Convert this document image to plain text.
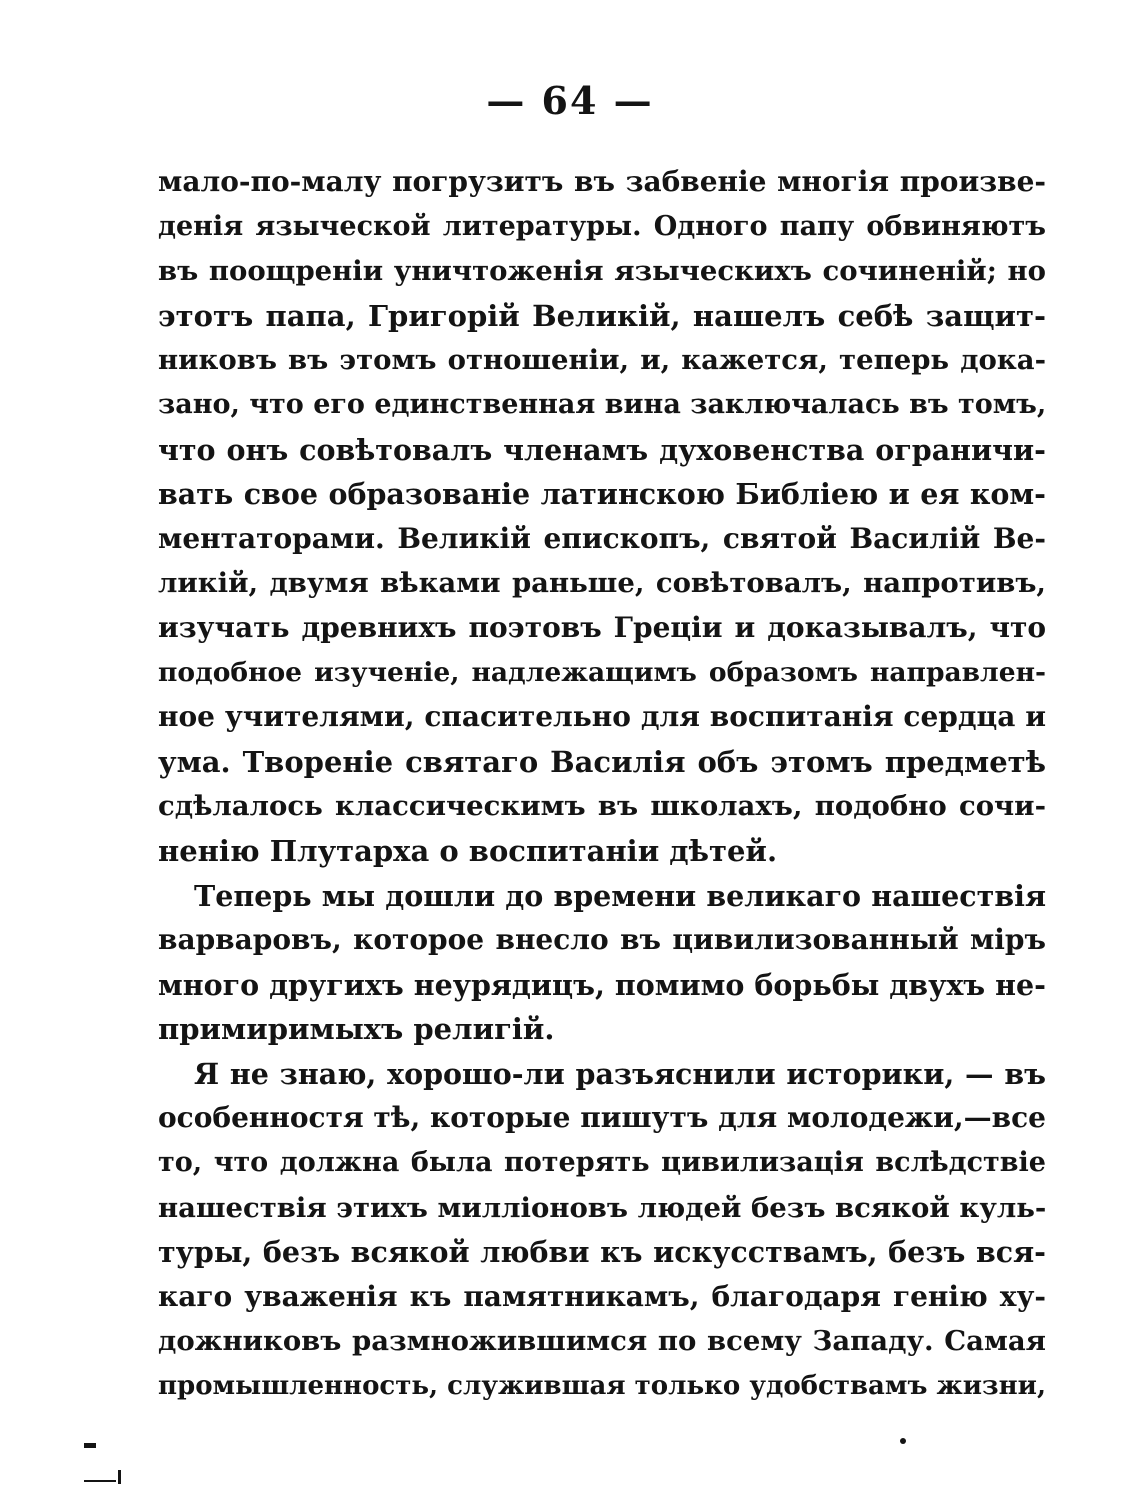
— 64 —
мало-по-малу погрузитъ въ забвеніе многія произве-
денія языческой литературы. Одного папу обвиняютъ
въ поощреніи уничтоженія языческихъ сочиненій; но
этотъ папа, Григорій Великій, нашелъ себѣ защит-
никовъ въ этомъ отношеніи, и, кажется, теперь дока-
зано, что его единственная вина заключалась въ томъ,
что онъ совѣтовалъ членамъ духовенства ограничи-
вать свое образованіе латинскою Библіею и ея ком-
ментаторами. Великій епископъ, святой Василій Ве-
ликій, двумя вѣками раньше, совѣтовалъ, напротивъ,
изучать древнихъ поэтовъ Греціи и доказывалъ, что
подобное изученіе, надлежащимъ образомъ направлен-
ное учителями, спасительно для воспитанія сердца и
ума. Твореніе святаго Василія объ этомъ предметѣ
сдѣлалось классическимъ въ школахъ, подобно сочи-
ненію Плутарха о воспитаніи дѣтей.
Теперь мы дошли до времени великаго нашествія
варваровъ, которое внесло въ цивилизованный міръ
много другихъ неурядицъ, помимо борьбы двухъ не-
примиримыхъ религій.
Я не знаю, хорошо-ли разъяснили историки, — въ
особенностя тѣ, которые пишутъ для молодежи,—все
то, что должна была потерять цивилизація вслѣдствіе
нашествія этихъ милліоновъ людей безъ всякой куль-
туры, безъ всякой любви къ искусствамъ, безъ вся-
каго уваженія къ памятникамъ, благодаря генію ху-
дожниковъ размножившимся по всему Западу. Самая
промышленность, служившая только удобствамъ жизни,
